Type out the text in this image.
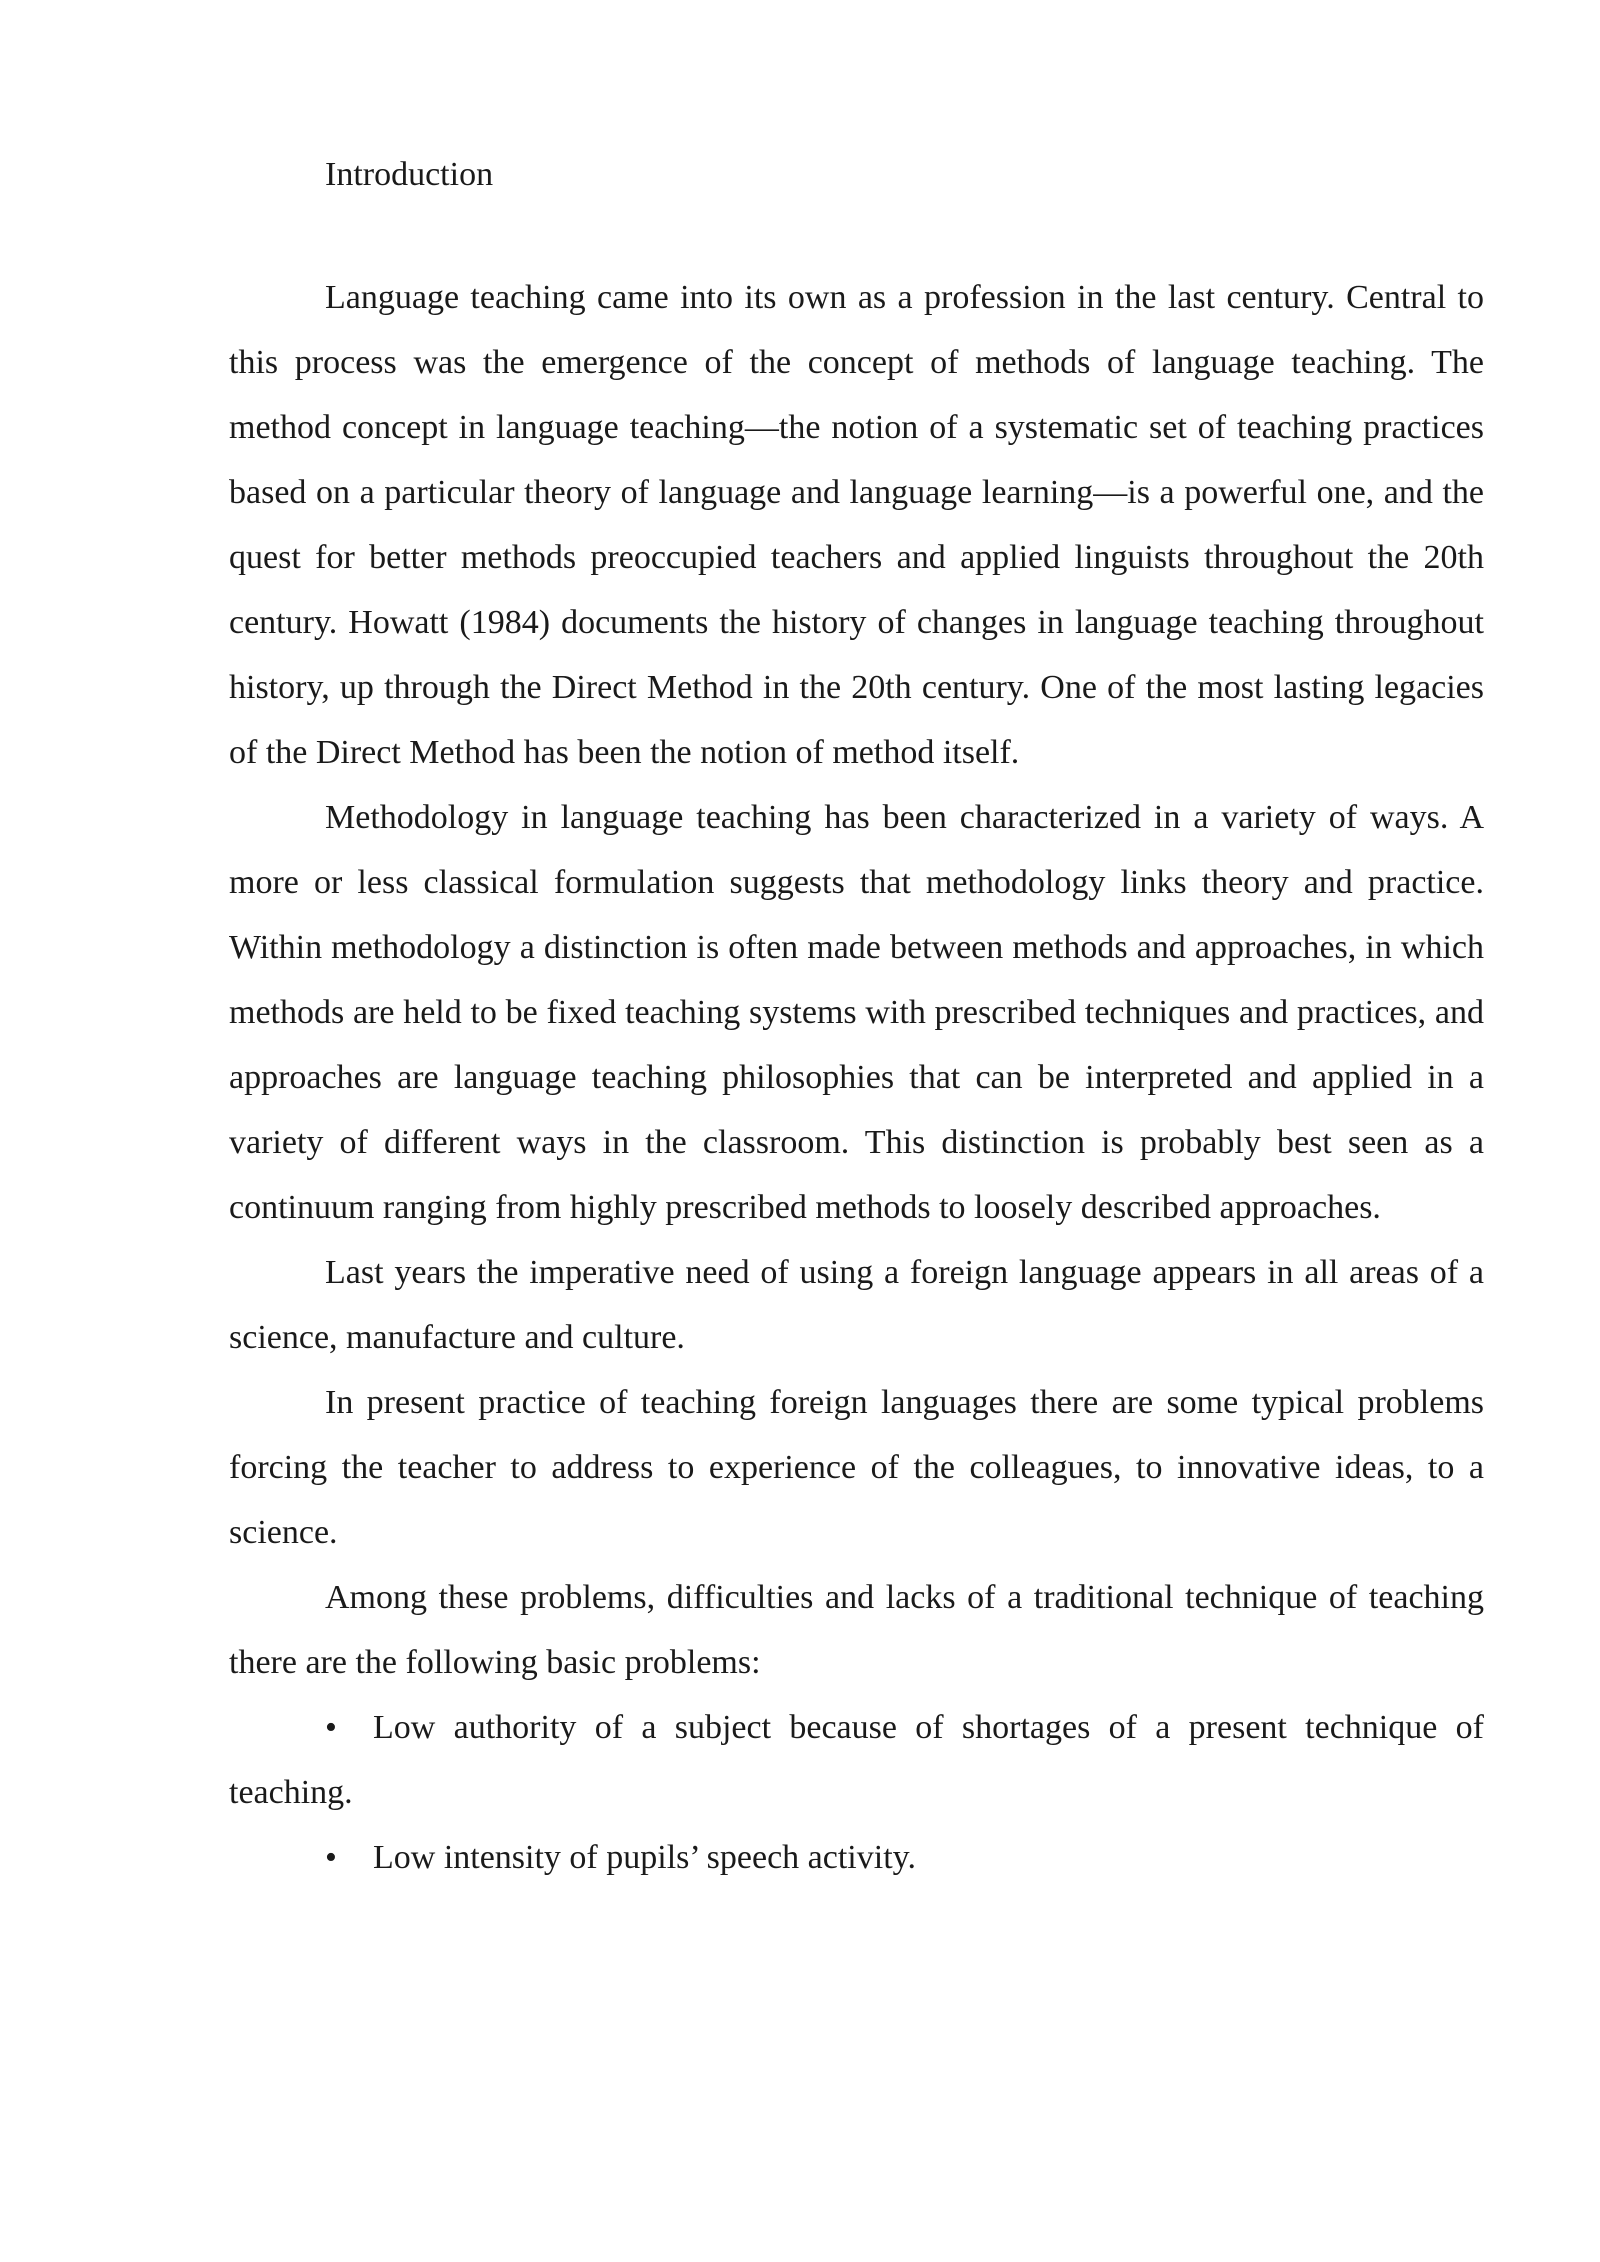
Introduction

Language teaching came into its own as a profession in the last century. Central to this process was the emergence of the concept of methods of language teaching. The method concept in language teaching—the notion of a systematic set of teaching practices based on a particular theory of language and language learning—is a powerful one, and the quest for better methods preoccupied teachers and applied linguists throughout the 20th century. Howatt (1984) documents the history of changes in language teaching throughout history, up through the Direct Method in the 20th century. One of the most lasting legacies of the Direct Method has been the notion of method itself.

Methodology in language teaching has been characterized in a variety of ways. A more or less classical formulation suggests that methodology links theory and practice. Within methodology a distinction is often made between methods and approaches, in which methods are held to be fixed teaching systems with prescribed techniques and practices, and approaches are language teaching philosophies that can be interpreted and applied in a variety of different ways in the classroom. This distinction is probably best seen as a continuum ranging from highly prescribed methods to loosely described approaches.

Last years the imperative need of using a foreign language appears in all areas of a science, manufacture and culture.

In present practice of teaching foreign languages there are some typical problems forcing the teacher to address to experience of the colleagues, to innovative ideas, to a science.

Among these problems, difficulties and lacks of a traditional technique of teaching there are the following basic problems:

• Low authority of a subject because of shortages of a present technique of teaching.

• Low intensity of pupils’ speech activity.
